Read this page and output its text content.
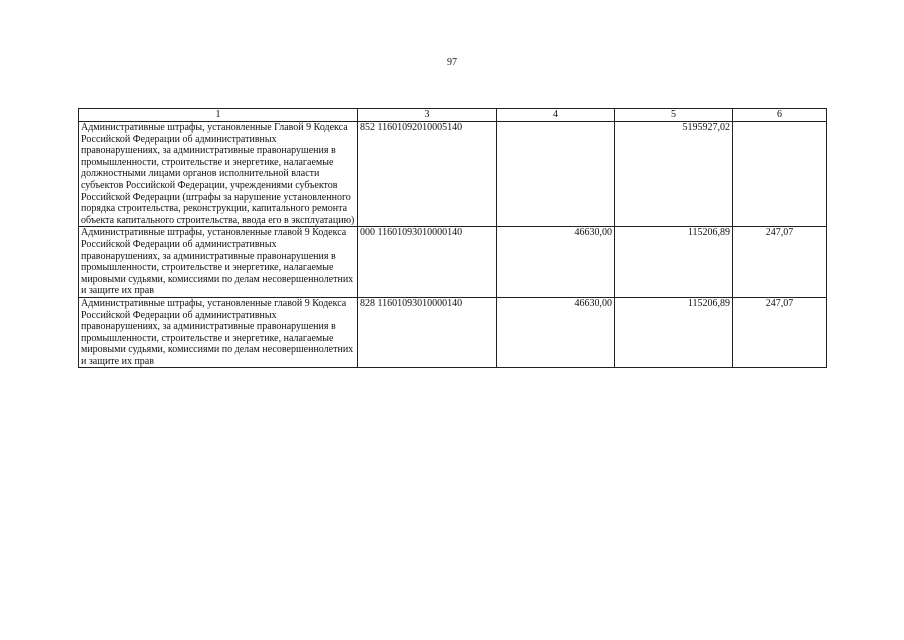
97
1	3	4	5	6
Административные штрафы, установленные Главой 9 Кодекса Российской Федерации об административных правонарушениях, за административные правонарушения в промышленности, строительстве и энергетике, налагаемые должностными лицами органов исполнительной власти субъектов Российской Федерации, учреждениями субъектов Российской Федерации (штрафы за нарушение установленного порядка строительства, реконструкции, капитального ремонта объекта капитального строительства, ввода его в эксплуатацию)	852 11601092010005140		5195927,02	
Административные штрафы, установленные главой 9 Кодекса Российской Федерации об административных правонарушениях, за административные правонарушения в промышленности, строительстве и энергетике, налагаемые мировыми судьями, комиссиями по делам несовершеннолетних и защите их прав	000 11601093010000140	46630,00	115206,89	247,07
Административные штрафы, установленные главой 9 Кодекса Российской Федерации об административных правонарушениях, за административные правонарушения в промышленности, строительстве и энергетике, налагаемые мировыми судьями, комиссиями по делам несовершеннолетних и защите их прав	828 11601093010000140	46630,00	115206,89	247,07
